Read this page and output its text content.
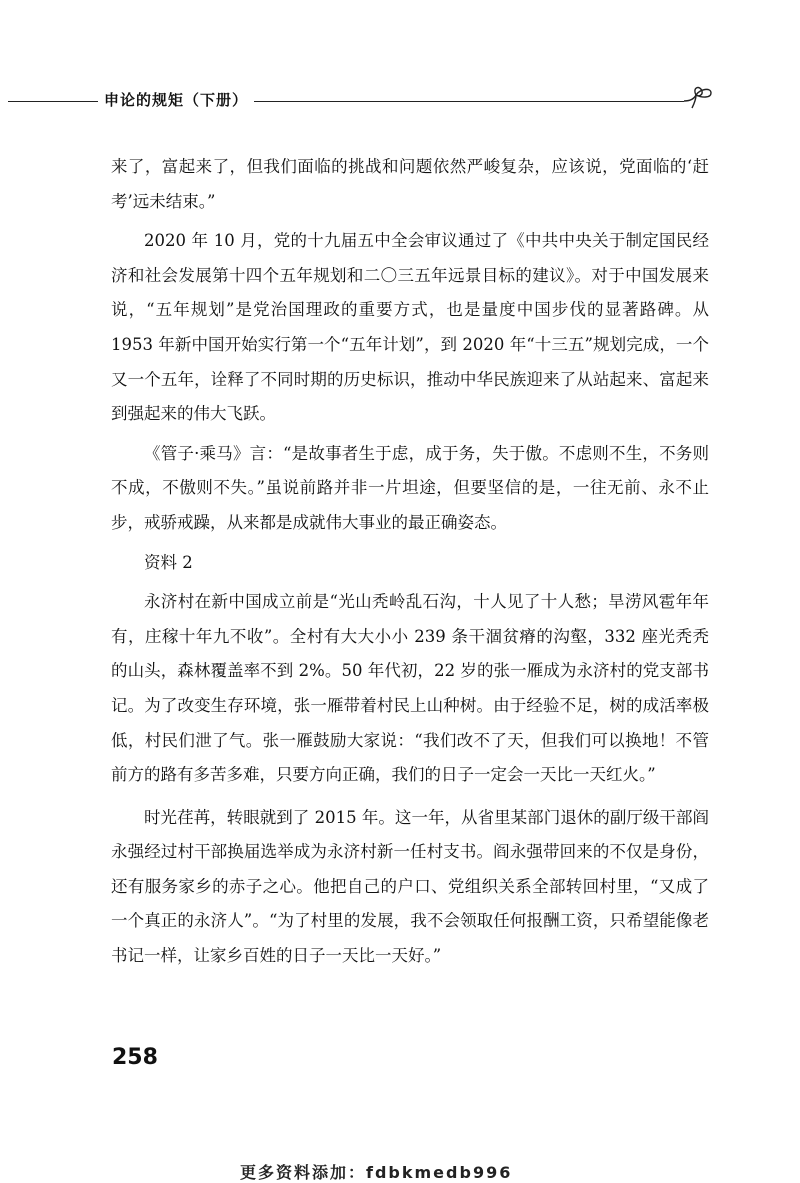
申论的规矩（下册）

来了，富起来了，但我们面临的挑战和问题依然严峻复杂，应该说，党面临的‘赶考’远未结束。”

2020 年 10 月，党的十九届五中全会审议通过了《中共中央关于制定国民经济和社会发展第十四个五年规划和二〇三五年远景目标的建议》。对于中国发展来说，“五年规划”是党治国理政的重要方式，也是量度中国步伐的显著路碑。从 1953 年新中国开始实行第一个“五年计划”，到 2020 年“十三五”规划完成，一个又一个五年，诠释了不同时期的历史标识，推动中华民族迎来了从站起来、富起来到强起来的伟大飞跃。

《管子·乘马》言：“是故事者生于虑，成于务，失于傲。不虑则不生，不务则不成，不傲则不失。”虽说前路并非一片坦途，但要坚信的是，一往无前、永不止步，戒骄戒躁，从来都是成就伟大事业的最正确姿态。

资料 2

永济村在新中国成立前是“光山秃岭乱石沟，十人见了十人愁；旱涝风雹年年有，庄稼十年九不收”。全村有大大小小 239 条干涸贫瘠的沟壑，332 座光秃秃的山头，森林覆盖率不到 2%。50 年代初，22 岁的张一雁成为永济村的党支部书记。为了改变生存环境，张一雁带着村民上山种树。由于经验不足，树的成活率极低，村民们泄了气。张一雁鼓励大家说：“我们改不了天，但我们可以换地！不管前方的路有多苦多难，只要方向正确，我们的日子一定会一天比一天红火。”

时光荏苒，转眼就到了 2015 年。这一年，从省里某部门退休的副厅级干部阎永强经过村干部换届选举成为永济村新一任村支书。阎永强带回来的不仅是身份，还有服务家乡的赤子之心。他把自己的户口、党组织关系全部转回村里，“又成了一个真正的永济人”。“为了村里的发展，我不会领取任何报酬工资，只希望能像老书记一样，让家乡百姓的日子一天比一天好。”

258
更多资料添加：fdbkmedb996
